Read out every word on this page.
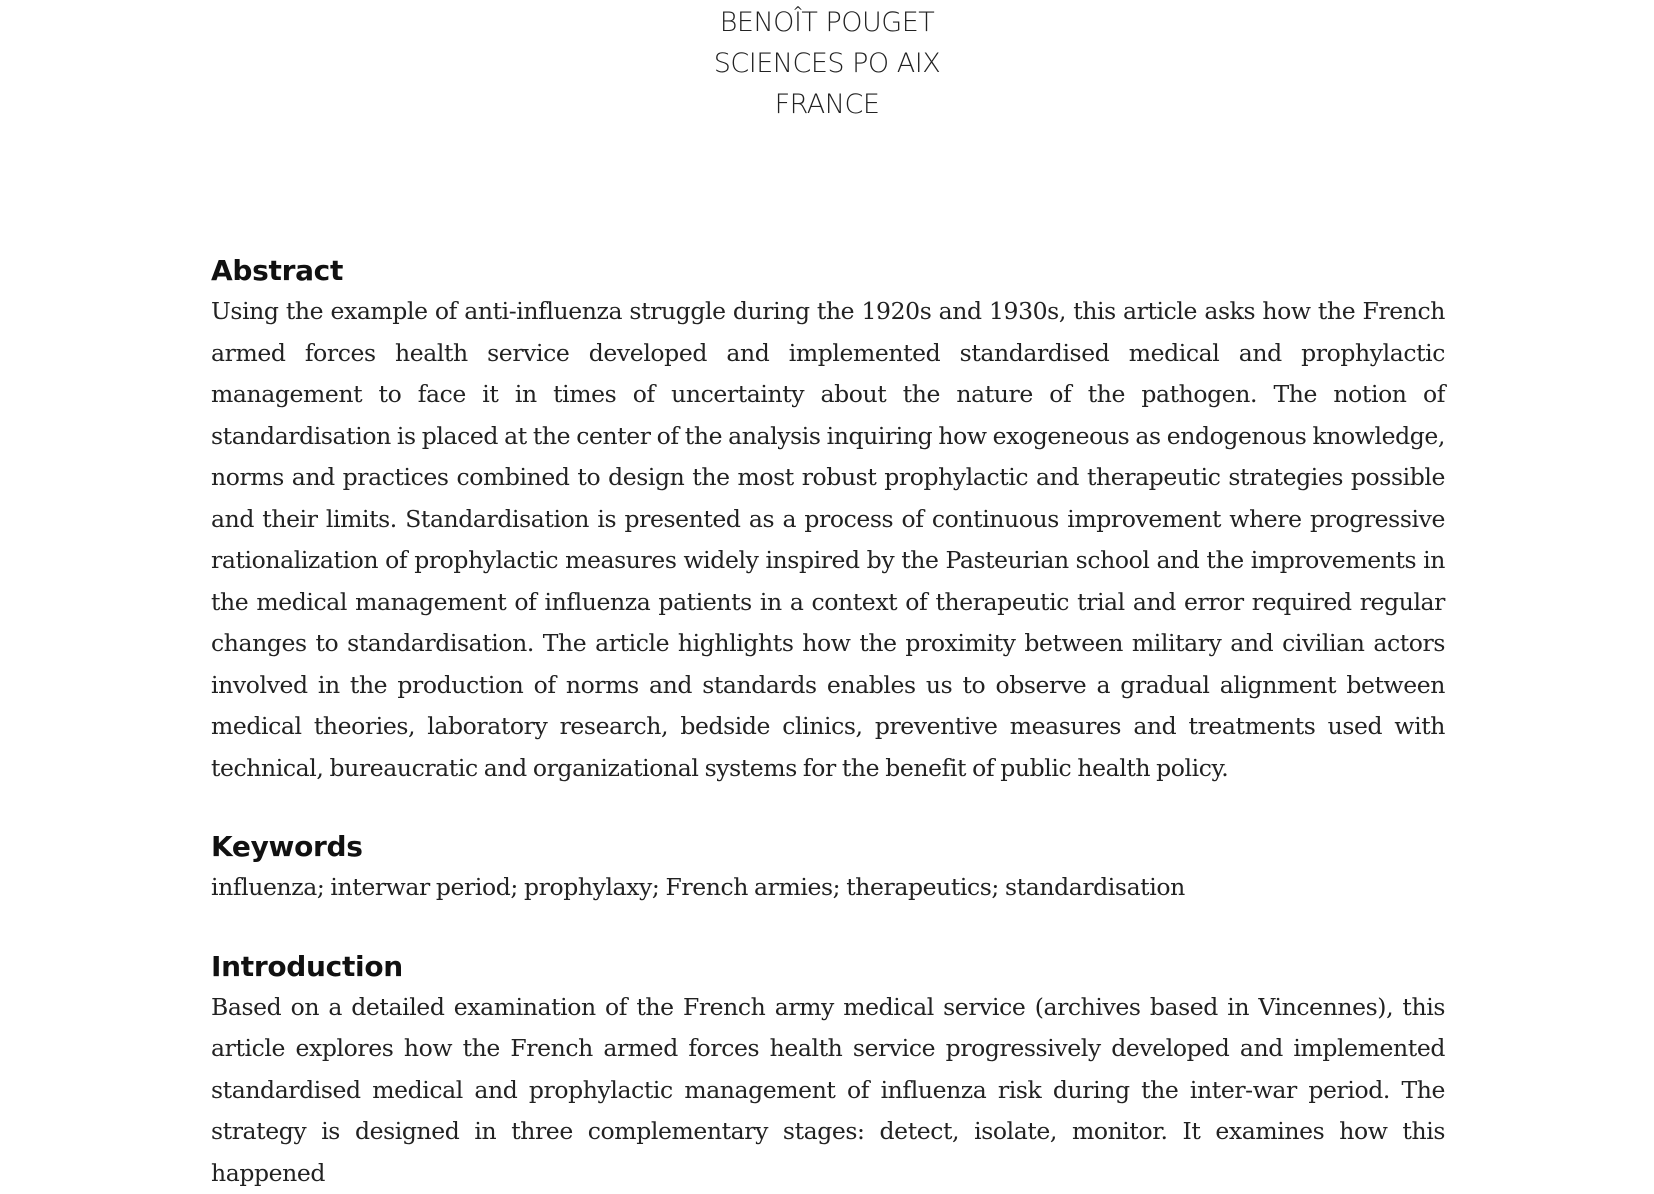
BENOÎT POUGET
SCIENCES PO AIX
FRANCE
Abstract

Using the example of anti-influenza struggle during the 1920s and 1930s, this article asks how the French armed forces health service developed and implemented standardised medical and prophylactic management to face it in times of uncertainty about the nature of the pathogen. The notion of standardisation is placed at the center of the analysis inquiring how exogeneous as endogenous knowledge, norms and practices combined to design the most robust prophylactic and therapeutic strategies possible and their limits. Standardisation is presented as a process of continuous improvement where progressive rationalization of prophylactic measures widely inspired by the Pasteurian school and the improvements in the medical management of influenza patients in a context of therapeutic trial and error required regular changes to standardisation. The article highlights how the proximity between military and civilian actors involved in the production of norms and standards enables us to observe a gradual alignment between medical theories, laboratory research, bedside clinics, preventive measures and treatments used with technical, bureaucratic and organizational systems for the benefit of public health policy.

Keywords

influenza; interwar period; prophylaxy; French armies; therapeutics; standardisation

Introduction

Based on a detailed examination of the French army medical service (archives based in Vincennes), this article explores how the French armed forces health service progressively developed and implemented standardised medical and prophylactic management of influenza risk during the inter-war period. The strategy is designed in three complementary stages: detect, isolate, monitor. It examines how this happened
